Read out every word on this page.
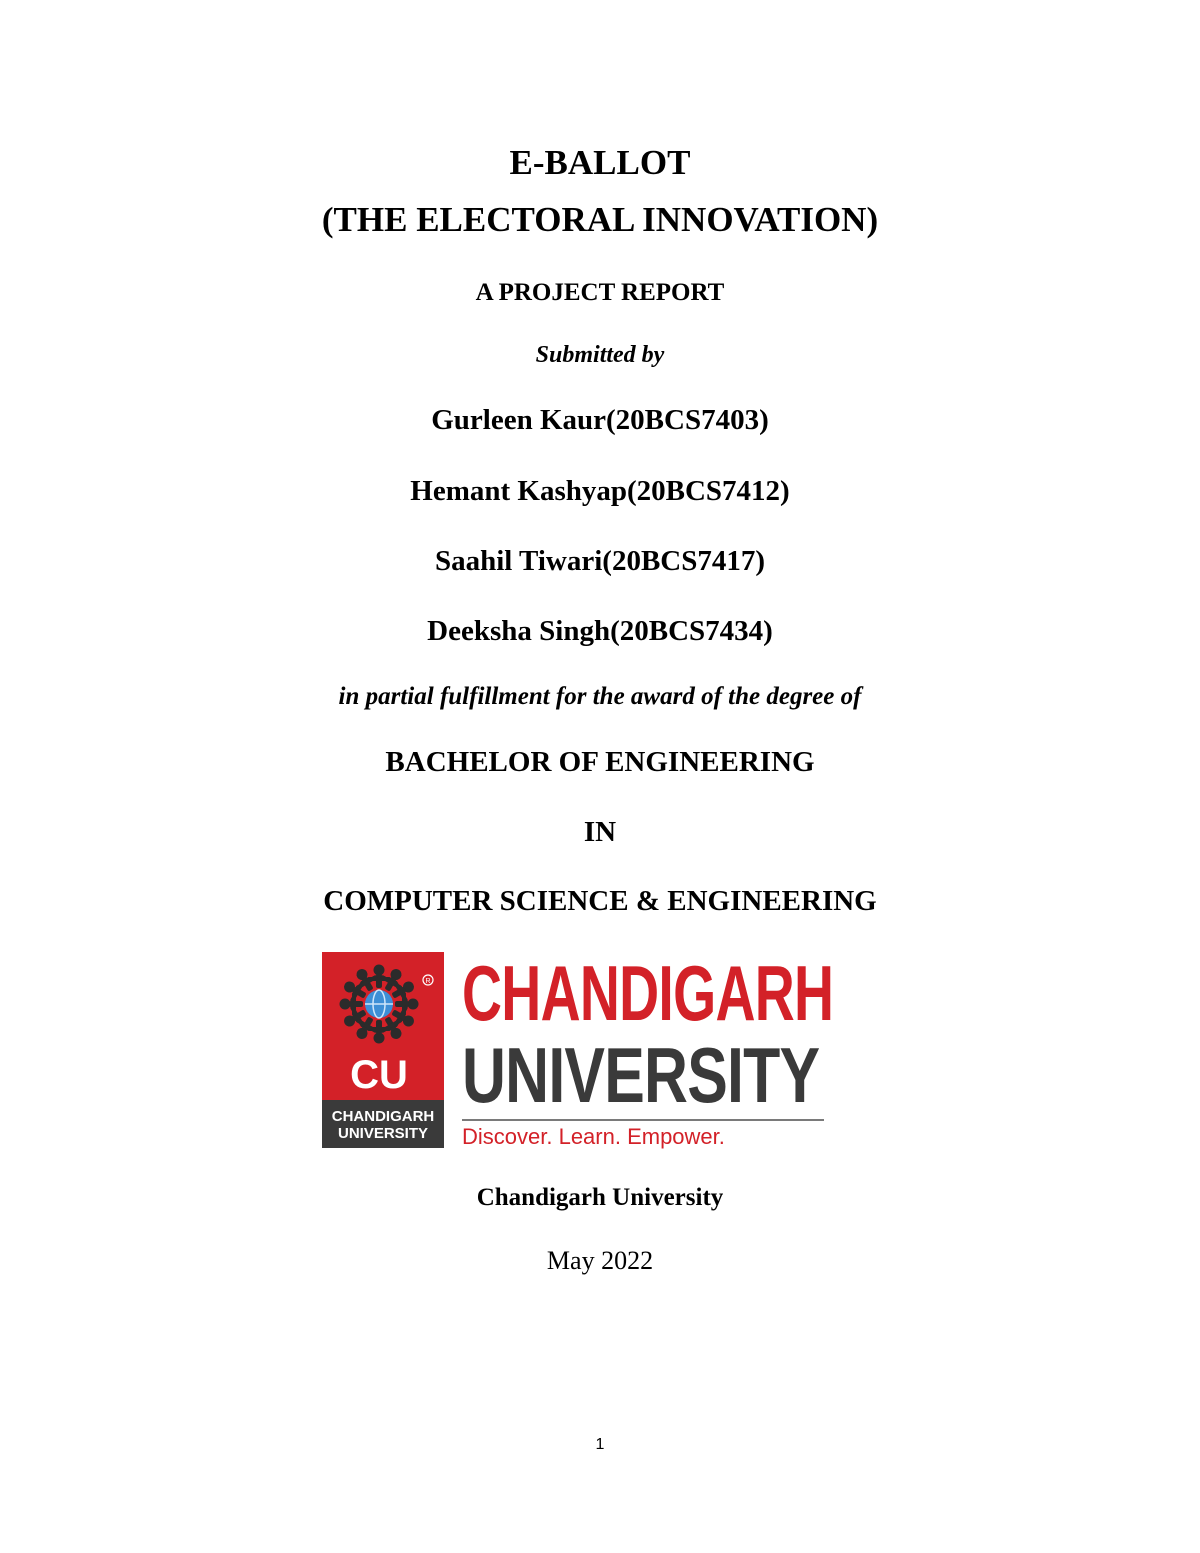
E-BALLOT
(THE ELECTORAL INNOVATION)
A PROJECT REPORT
Submitted by
Gurleen Kaur(20BCS7403)
Hemant Kashyap(20BCS7412)
Saahil Tiwari(20BCS7417)
Deeksha Singh(20BCS7434)
in partial fulfillment for the award of the degree of
BACHELOR OF ENGINEERING
IN
COMPUTER SCIENCE & ENGINEERING
R
CU
CHANDIGARH
UNIVERSITY
CHANDIGARH
UNIVERSITY
Discover. Learn. Empower.
Chandigarh University
May 2022
1
